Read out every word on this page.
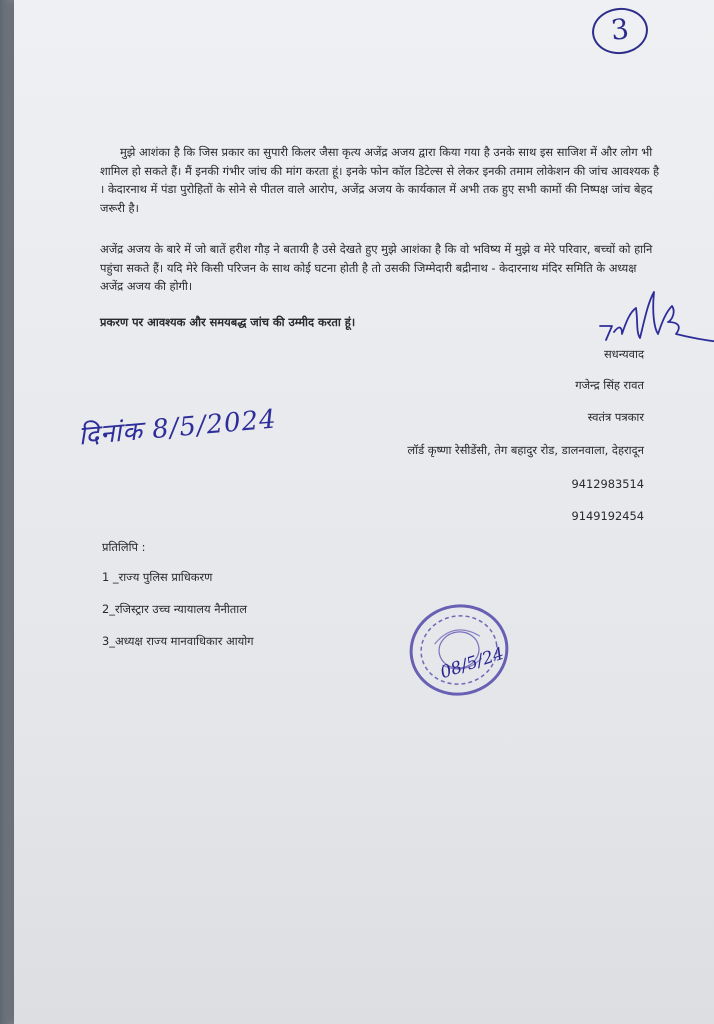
3

मुझे आशंका है कि जिस प्रकार का सुपारी किलर जैसा कृत्य अजेंद्र अजय द्वारा किया गया है उनके साथ इस साजिश में और लोग भी शामिल हो सकते हैं। मैं इनकी गंभीर जांच की मांग करता हूं। इनके फोन कॉल डिटेल्स से लेकर इनकी तमाम लोकेशन की जांच आवश्यक है । केदारनाथ में पंडा पुरोहितों के सोने से पीतल वाले आरोप, अजेंद्र अजय के कार्यकाल में अभी तक हुए सभी कामों की निष्पक्ष जांच बेहद जरूरी है।

अजेंद्र अजय के बारे में जो बातें हरीश गौड़ ने बतायी है उसे देखते हुए मुझे आशंका है कि वो भविष्य में मुझे व मेरे परिवार, बच्चों को हानि पहुंचा सकते हैं। यदि मेरे किसी परिजन के साथ कोई घटना होती है तो उसकी जिम्मेदारी बद्रीनाथ - केदारनाथ मंदिर समिति के अध्यक्ष अजेंद्र अजय की होगी।

प्रकरण पर आवश्यक और समयबद्ध जांच की उम्मीद करता हूं।

सधन्यवाद
गजेन्द्र सिंह रावत
स्वतंत्र पत्रकार
लॉर्ड कृष्णा रेसीडेंसी, तेग बहादुर रोड, डालनवाला, देहरादून
9412983514
9149192454
दिनांक 8/5/2024
प्रतिलिपि :
1 _राज्य पुलिस प्राधिकरण
2_रजिस्ट्रार उच्च न्यायालय नैनीताल
3_अध्यक्ष राज्य मानवाधिकार आयोग
08/5/24
